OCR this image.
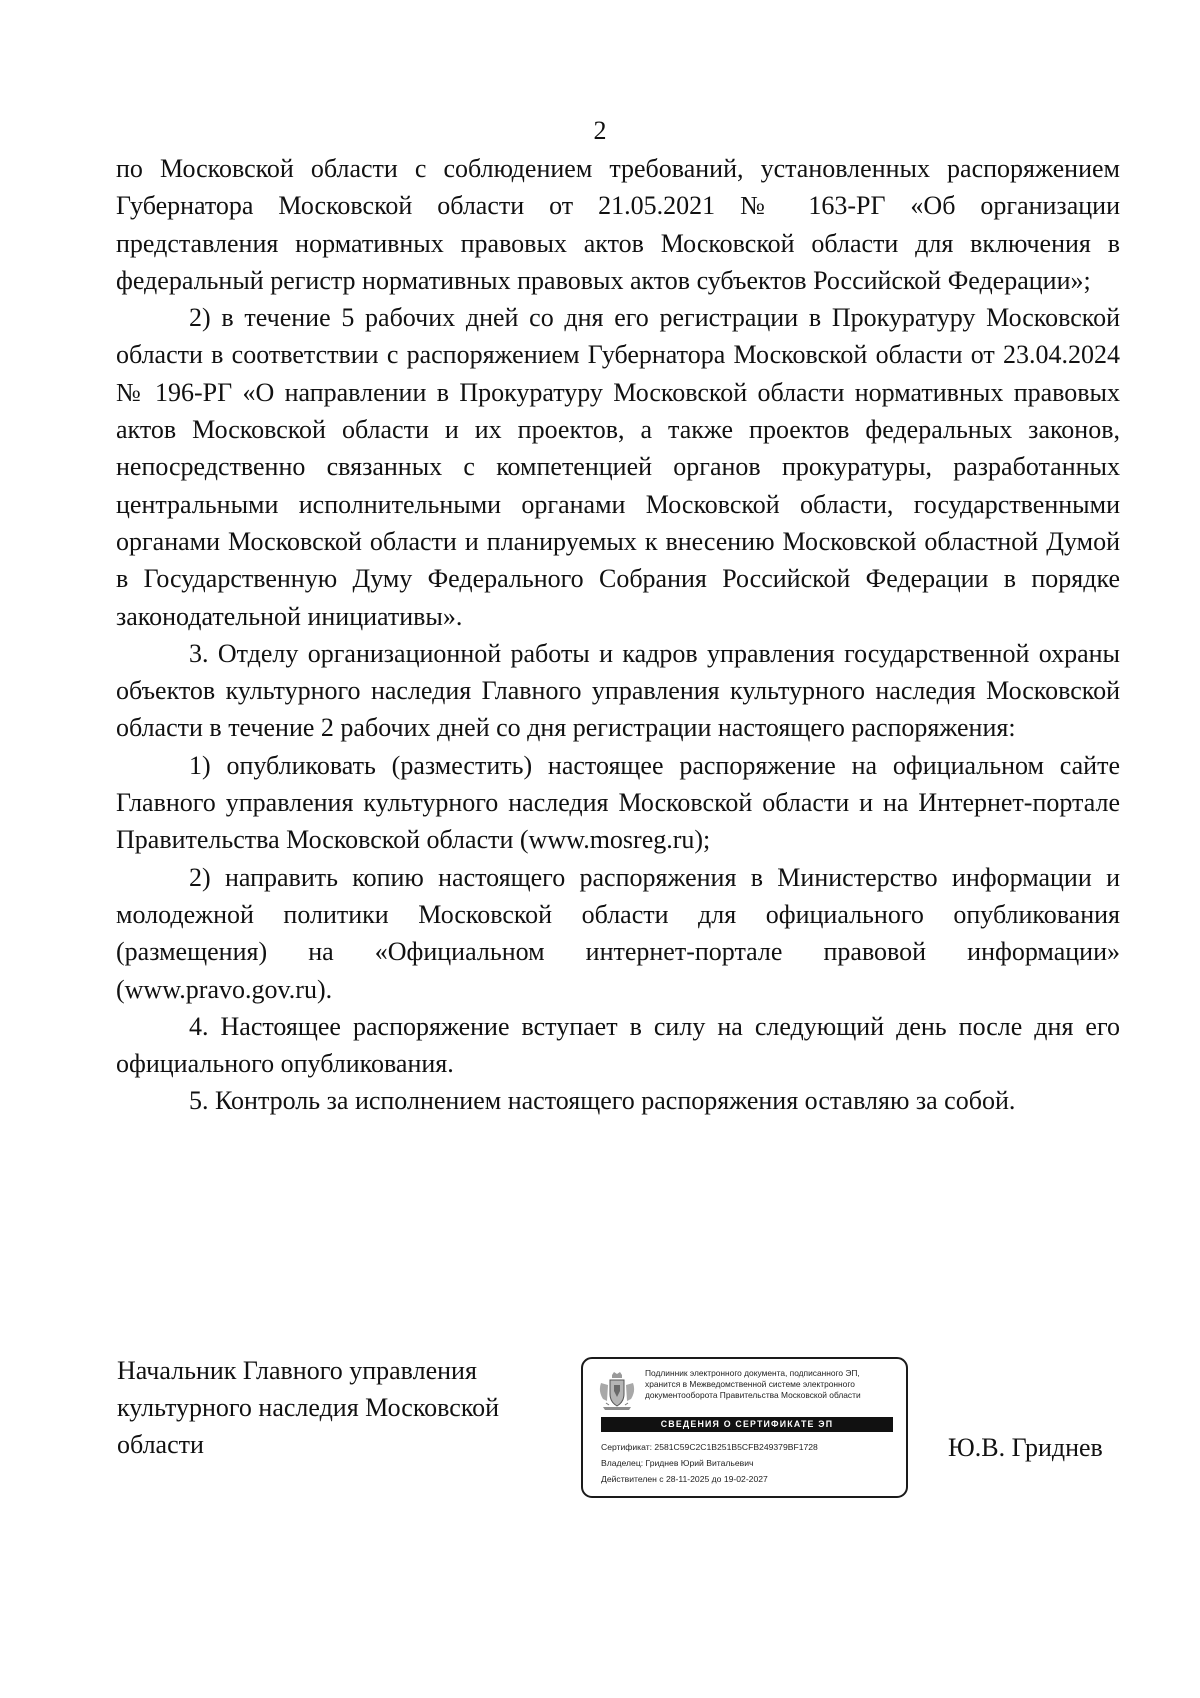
2

по Московской области с соблюдением требований, установленных распоряжением Губернатора Московской области от 21.05.2021 № 163-РГ «Об организации представления нормативных правовых актов Московской области для включения в федеральный регистр нормативных правовых актов субъектов Российской Федерации»;

2) в течение 5 рабочих дней со дня его регистрации в Прокуратуру Московской области в соответствии с распоряжением Губернатора Московской области от 23.04.2024 № 196-РГ «О направлении в Прокуратуру Московской области нормативных правовых актов Московской области и их проектов, а также проектов федеральных законов, непосредственно связанных с компетенцией органов прокуратуры, разработанных центральными исполнительными органами Московской области, государственными органами Московской области и планируемых к внесению Московской областной Думой в Государственную Думу Федерального Собрания Российской Федерации в порядке законодательной инициативы».

3. Отделу организационной работы и кадров управления государственной охраны объектов культурного наследия Главного управления культурного наследия Московской области в течение 2 рабочих дней со дня регистрации настоящего распоряжения:

1) опубликовать (разместить) настоящее распоряжение на официальном сайте Главного управления культурного наследия Московской области и на Интернет-портале Правительства Московской области (www.mosreg.ru);

2) направить копию настоящего распоряжения в Министерство информации и молодежной политики Московской области для официального опубликования (размещения) на «Официальном интернет-портале правовой информации» (www.pravo.gov.ru).

4. Настоящее распоряжение вступает в силу на следующий день после дня его официального опубликования.

5. Контроль за исполнением настоящего распоряжения оставляю за собой.

Начальник Главного управления
культурного наследия Московской
области
Подлинник электронного документа, подписанного ЭП,
хранится в Межведомственной системе электронного
документооборота Правительства Московской области
СВЕДЕНИЯ О СЕРТИФИКАТЕ ЭП
Сертификат: 2581C59C2C1B251B5CFB249379BF1728
Владелец: Гриднев Юрий Витальевич
Действителен с 28-11-2025 до 19-02-2027
Ю.В. Гриднев
